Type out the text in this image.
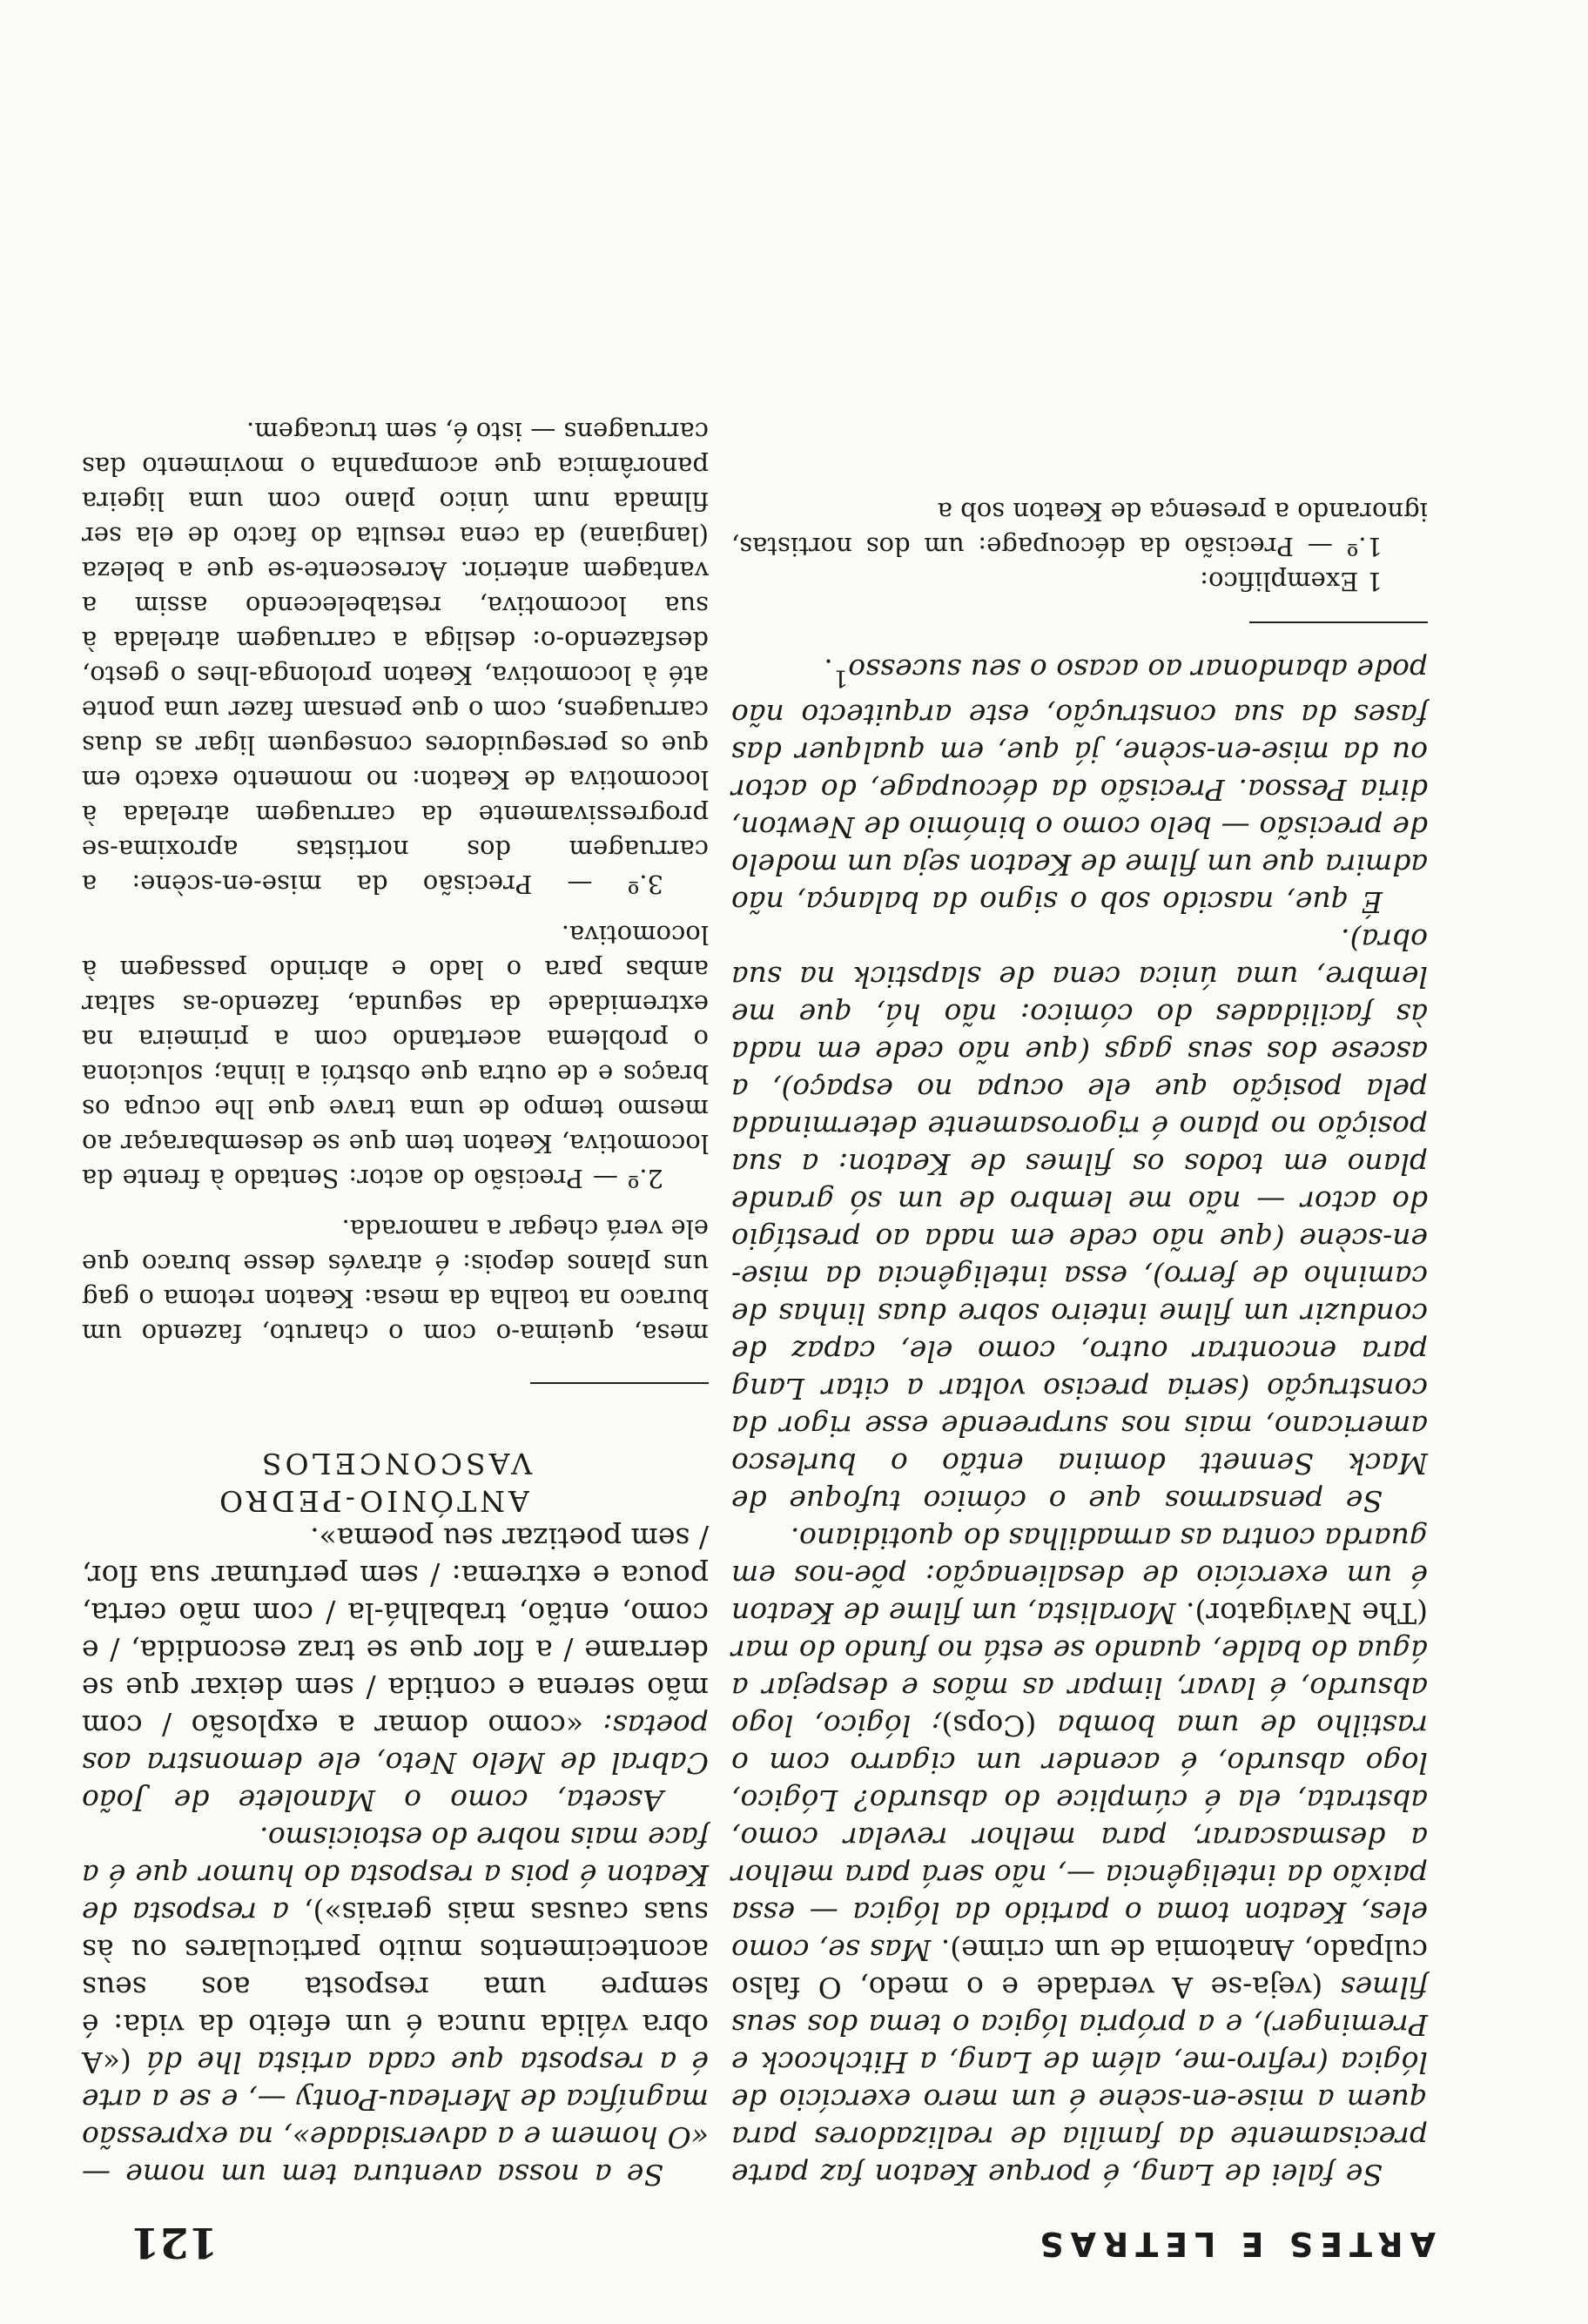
ARTES E LETRAS
121

Se falei de Lang, é porque Keaton faz parte precisamente da família de realizadores para quem a mise-en-scène é um mero exercício de lógica (refiro-me, além de Lang, a Hitchcock e Preminger), e a própria lógica o tema dos seus filmes (veja-se A verdade e o medo, O falso culpado, Anatomia de um crime). Mas se, como eles, Keaton toma o partido da lógica — essa paixão da inteligência —, não será para melhor a desmascarar, para melhor revelar como, abstrata, ela é cúmplice do absurdo? Lógico, logo absurdo, é acender um cigarro com o rastilho de uma bomba (Cops); lógico, logo absurdo, é lavar, limpar as mãos e despejar a água do balde, quando se está no fundo do mar (The Navigator). Moralista, um filme de Keaton é um exercício de desalienação: põe-nos em guarda contra as armadilhas do quotidiano.

Se pensarmos que o cómico tufoque de Mack Sennett domina então o burlesco americano, mais nos surpreende esse rigor da construção (seria preciso voltar a citar Lang para encontrar outro, como ele, capaz de conduzir um filme inteiro sobre duas linhas de caminho de ferro), essa inteligência da mise-en-scène (que não cede em nada ao prestígio do actor — não me lembro de um só grande plano em todos os filmes de Keaton: a sua posição no plano é rigorosamente determinada pela posição que ele ocupa no espaço), a ascese dos seus gags (que não cede em nada às facilidades do cómico: não há, que me lembre, uma única cena de slapstick na sua obra).

É que, nascido sob o signo da balança, não admira que um filme de Keaton seja um modelo de precisão — belo como o binómio de Newton, diria Pessoa. Precisão da découpage, do actor ou da mise-en-scène, já que, em qualquer das fases da sua construção, este arquitecto não pode abandonar ao acaso o seu sucesso$^1$.

1 Exemplifico:

1.º — Precisão da découpage: um dos nortistas, ignorando a presença de Keaton sob a

Se a nossa aventura tem um nome — «O homem e a adversidade», na expressão magnífica de Merleau-Ponty —, e se a arte é a resposta que cada artista lhe dá («A obra válida nunca é um efeito da vida: é sempre uma resposta aos seus acontecimentos muito particulares ou às suas causas mais gerais»), a resposta de Keaton é pois a resposta do humor que é a face mais nobre do estoicismo.

Asceta, como o Manolete de João Cabral de Melo Neto, ele demonstra aos poetas: «como domar a explosão / com mão serena e contida / sem deixar que se derrame / a flor que se traz escondida, / e como, então, trabalhá-la / com mão certa, pouca e extrema: / sem perfumar sua flor, / sem poetizar seu poema».

ANTÓNIO-PEDRO VASCONCELOS

mesa, queima-o com o charuto, fazendo um buraco na toalha da mesa: Keaton retoma o gag uns planos depois: é através desse buraco que ele verá chegar a namorada.

2.º — Precisão do actor: Sentado à frente da locomotiva, Keaton tem que se desembaraçar ao mesmo tempo de uma trave que lhe ocupa os braços e de outra que obstrói a linha; soluciona o problema acertando com a primeira na extremidade da segunda, fazendo-as saltar ambas para o lado e abrindo passagem à locomotiva.

3.º — Precisão da mise-en-scène: a carruagem dos nortistas aproxima-se progressivamente da carruagem atrelada à locomotiva de Keaton: no momento exacto em que os perseguidores conseguem ligar as duas carruagens, com o que pensam fazer uma ponte até à locomotiva, Keaton prolonga-lhes o gesto, desfazendo-o: desliga a carruagem atrelada à sua locomotiva, restabelecendo assim a vantagem anterior. Acrescente-se que a beleza (langiana) da cena resulta do facto de ela ser filmada num único plano com uma ligeira panorâmica que acompanha o movimento das carruagens — isto é, sem trucagem.
